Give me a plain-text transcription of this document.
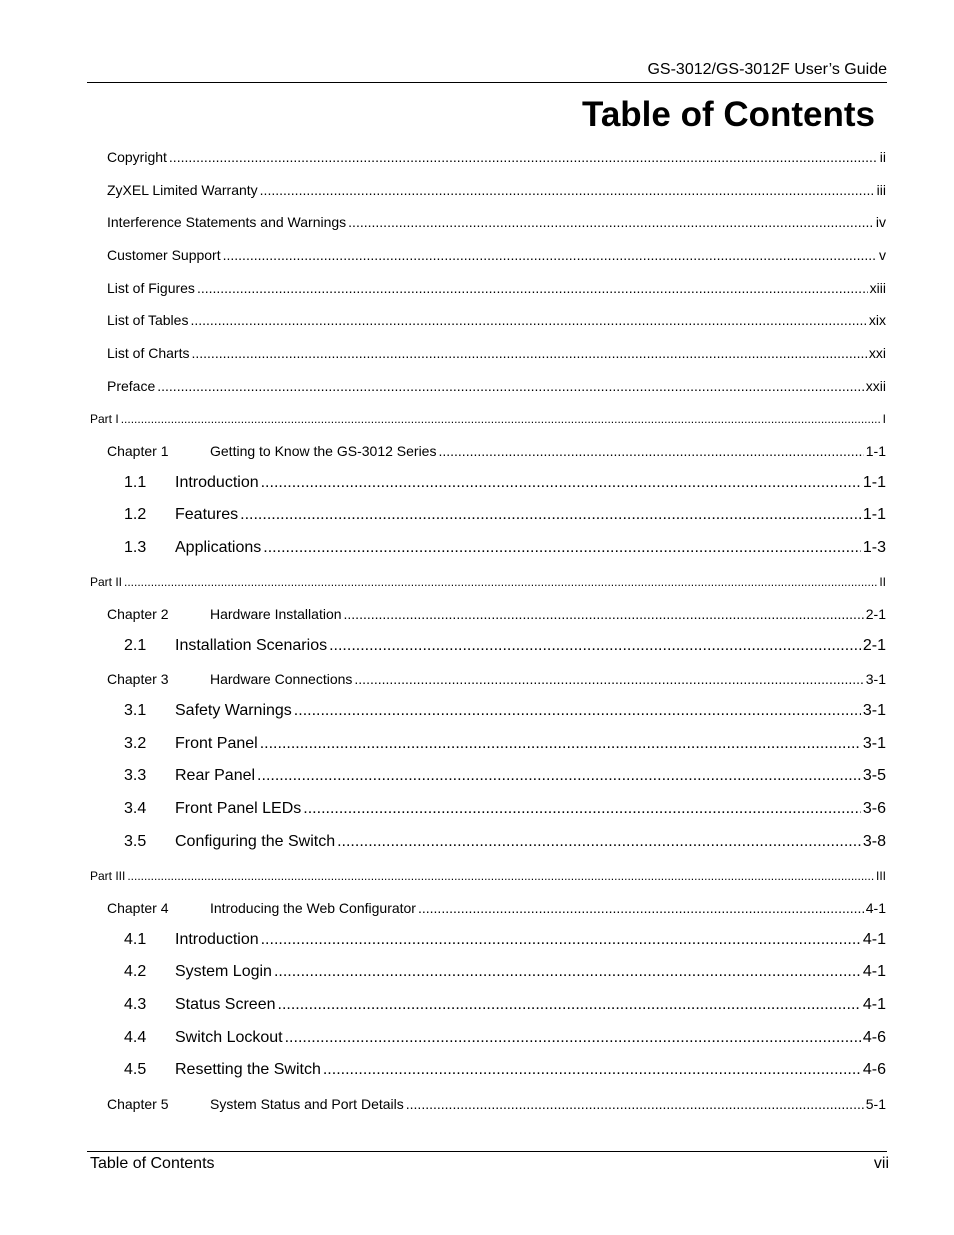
GS-3012/GS-3012F User’s Guide
Table of Contents
Copyright .....	ii
ZyXEL Limited Warranty .....	iii
Interference Statements and Warnings .....	iv
Customer Support .....	v
List of Figures .....	xiii
List of Tables .....	xix
List of Charts .....	xxi
Preface .....	xxii
Part I .....	I
Chapter 1	Getting to Know the GS-3012 Series .....	1-1
1.1	Introduction .....	1-1
1.2	Features .....	1-1
1.3	Applications .....	1-3
Part II .....	II
Chapter 2	Hardware Installation .....	2-1
2.1	Installation Scenarios .....	2-1
Chapter 3	Hardware Connections .....	3-1
3.1	Safety Warnings .....	3-1
3.2	Front Panel .....	3-1
3.3	Rear Panel .....	3-5
3.4	Front Panel LEDs .....	3-6
3.5	Configuring the Switch .....	3-8
Part III .....	III
Chapter 4	Introducing the Web Configurator .....	4-1
4.1	Introduction .....	4-1
4.2	System Login .....	4-1
4.3	Status Screen .....	4-1
4.4	Switch Lockout .....	4-6
4.5	Resetting the Switch .....	4-6
Chapter 5	System Status and Port Details .....	5-1
Table of Contents	vii
